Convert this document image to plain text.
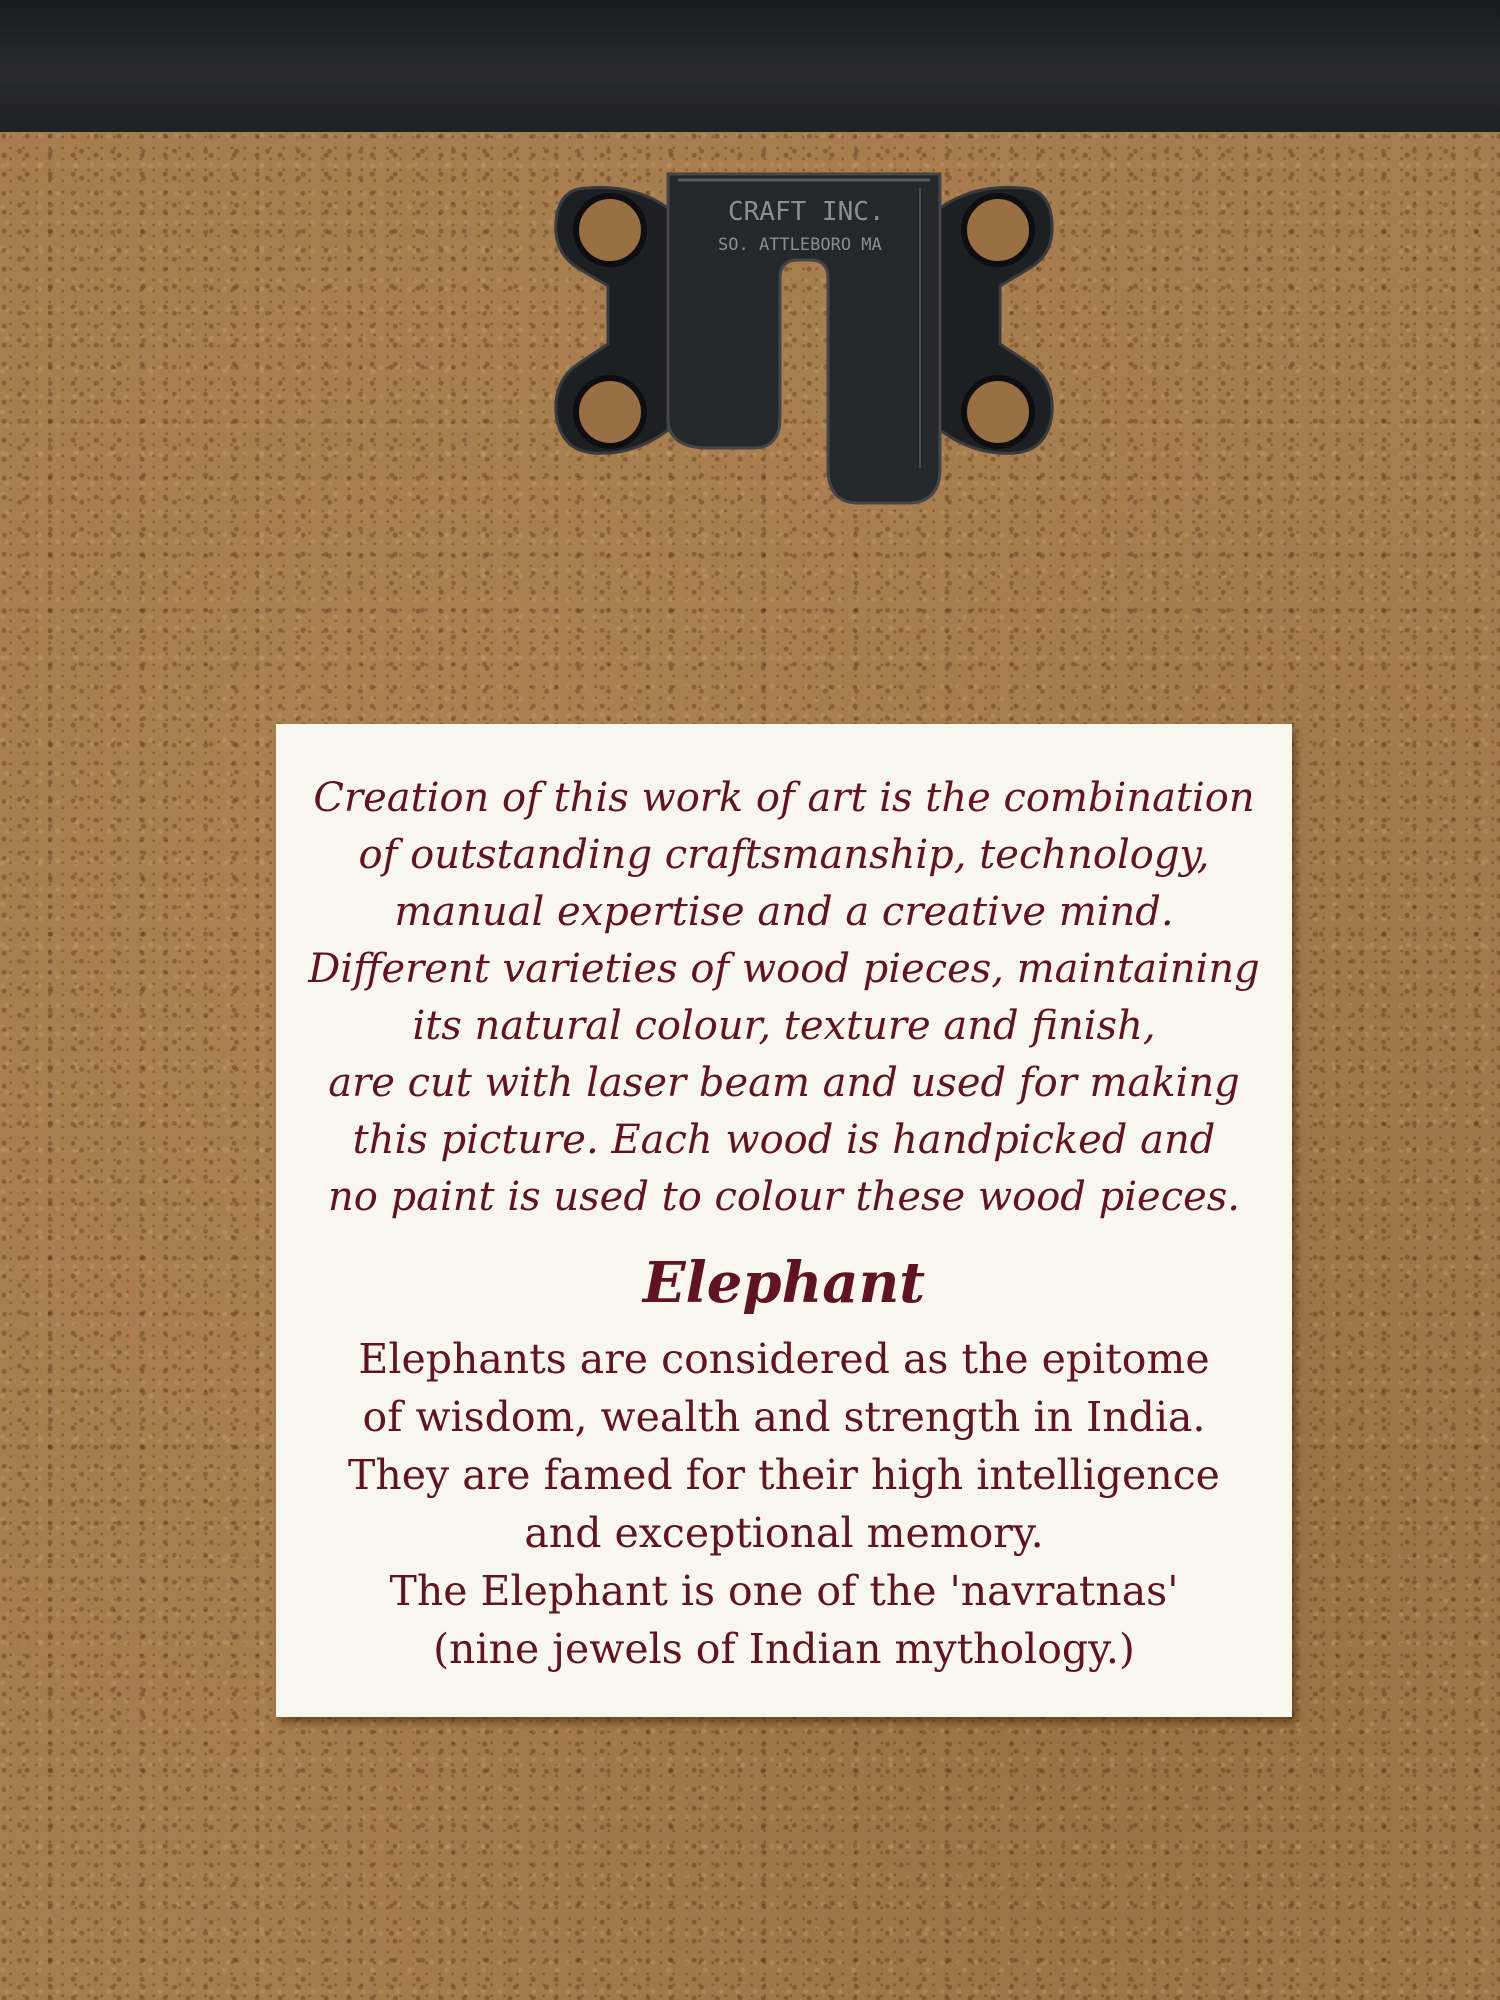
CRAFT INC.
SO. ATTLEBORO MA

Creation of this work of art is the combination
of outstanding craftsmanship, technology,
manual expertise and a creative mind.
Different varieties of wood pieces, maintaining
its natural colour, texture and finish,
are cut with laser beam and used for making
this picture. Each wood is handpicked and
no paint is used to colour these wood pieces.

Elephant

Elephants are considered as the epitome
of wisdom, wealth and strength in India.
They are famed for their high intelligence
and exceptional memory.
The Elephant is one of the 'navratnas'
(nine jewels of Indian mythology.)
